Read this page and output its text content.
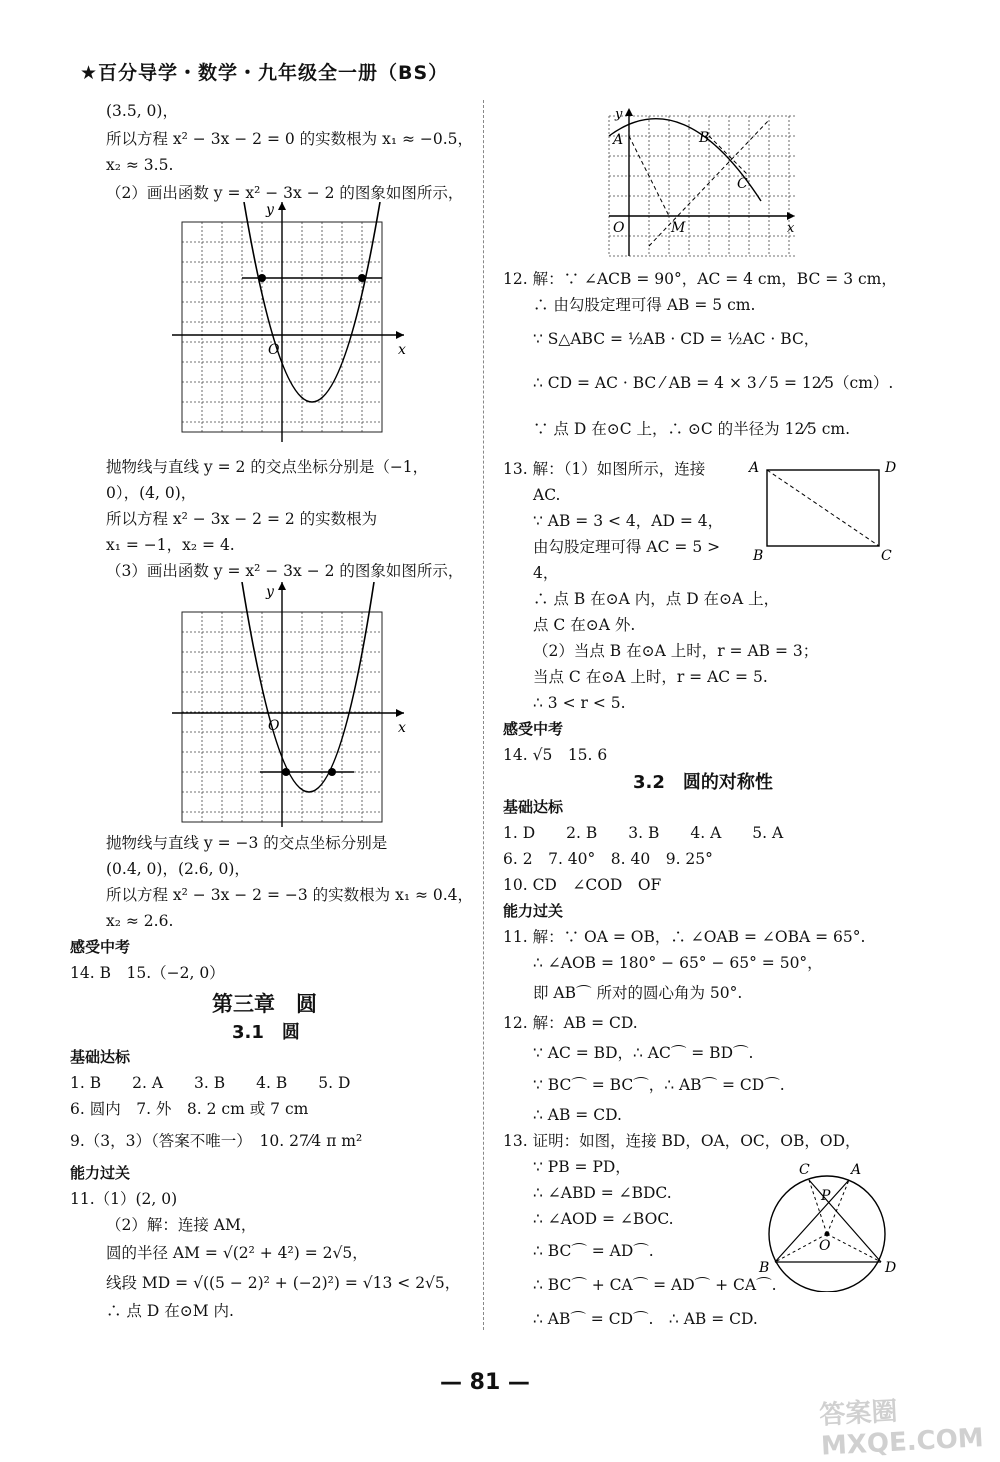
★百分导学・数学・九年级全一册（BS）
(3.5, 0)，
所以方程 x² − 3x − 2 = 0 的实数根为 x₁ ≈ −0.5，
x₂ ≈ 3.5.
（2）画出函数 y = x² − 3x − 2 的图象如图所示，
O	x
y
抛物线与直线 y = 2 的交点坐标分别是（−1，
0），(4, 0)，
所以方程 x² − 3x − 2 = 2 的实数根为
x₁ = −1，x₂ = 4.
（3）画出函数 y = x² − 3x − 2 的图象如图所示，
O	x
y
抛物线与直线 y = −3 的交点坐标分别是
(0.4, 0)，(2.6, 0)，
所以方程 x² − 3x − 2 = −3 的实数根为 x₁ ≈ 0.4，
x₂ ≈ 2.6.
感受中考
14. B　15.（−2, 0）
第三章　圆
3.1　圆
基础达标
1. B　　2. A　　3. B　　4. B　　5. D
6. 圆内　7. 外　8. 2 cm 或 7 cm
9.（3，3）（答案不唯一）　10. 27⁄4 π m²
能力过关
11.（1）(2, 0)
（2）解：连接 AM，
圆的半径 AM = √(2² + 4²) = 2√5，
线段 MD = √((5 − 2)² + (−2)²) = √13 < 2√5，
∴ 点 D 在⊙M 内.
A	B
C
M
O
y
x
12. 解：∵ ∠ACB = 90°，AC = 4 cm，BC = 3 cm，
∴ 由勾股定理可得 AB = 5 cm.
∵ S△ABC = ½AB · CD = ½AC · BC，
∴ CD = AC · BC ⁄ AB = 4 × 3 ⁄ 5 = 12⁄5（cm）.
∵ 点 D 在⊙C 上，∴ ⊙C 的半径为 12⁄5 cm.
13. 解：（1）如图所示，连接
AC.
∵ AB = 3 < 4，AD = 4，
由勾股定理可得 AC = 5 >
4，
A	D
B	C
∴ 点 B 在⊙A 内，点 D 在⊙A 上，
点 C 在⊙A 外.
（2）当点 B 在⊙A 上时，r = AB = 3；
当点 C 在⊙A 上时，r = AC = 5.
∴ 3 < r < 5.
感受中考
14. √5　15. 6
3.2　圆的对称性
基础达标
1. D　　2. B　　3. B　　4. A　　5. A
6. 2　7. 40°　8. 40　9. 25°
10. CD　∠COD　OF
能力过关
11. 解：∵ OA = OB，∴ ∠OAB = ∠OBA = 65°.
∴ ∠AOB = 180° − 65° − 65° = 50°，
即 AB⌒ 所对的圆心角为 50°.
12. 解：AB = CD.
∵ AC = BD，∴ AC⌒ = BD⌒.
∵ BC⌒ = BC⌒，∴ AB⌒ = CD⌒.
∴ AB = CD.
13. 证明：如图，连接 BD，OA，OC，OB，OD，
∵ PB = PD，
∴ ∠ABD = ∠BDC.
∴ ∠AOD = ∠BOC.
∴ BC⌒ = AD⌒.
∴ BC⌒ + CA⌒ = AD⌒ + CA⌒.
∴ AB⌒ = CD⌒.　∴ AB = CD.
C	A
P
O
B	D
— 81 —
答案圈 MXQE.COM
